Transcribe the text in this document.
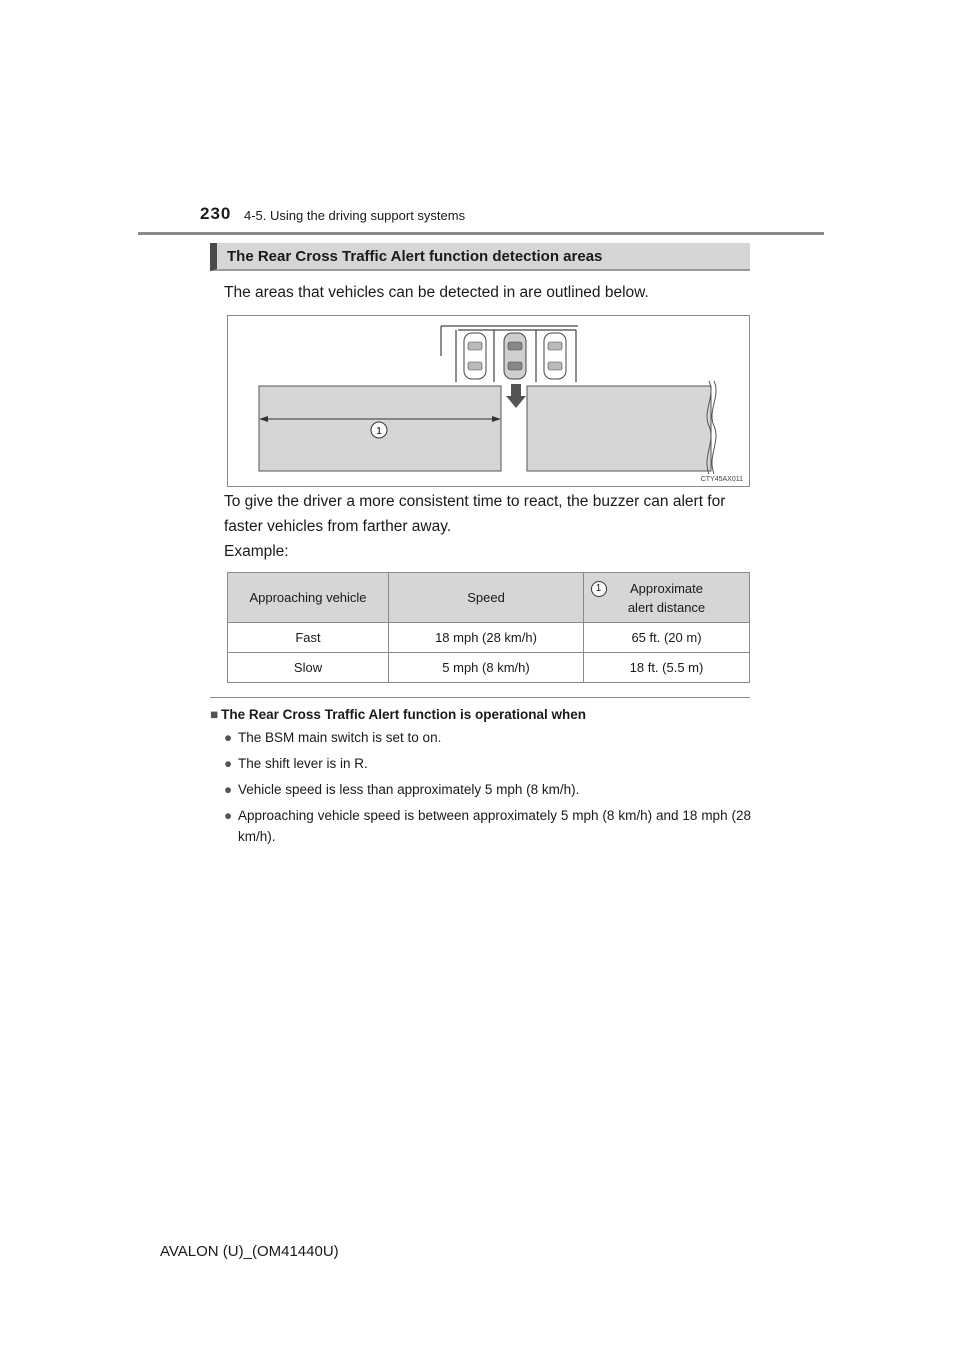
230 4-5. Using the driving support systems
The Rear Cross Traffic Alert function detection areas
The areas that vehicles can be detected in are outlined below.
1
CTY45AX011
To give the driver a more consistent time to react, the buzzer can alert for faster vehicles from farther away.
Example:
Approaching vehicle	Speed	1 Approximate alert distance
Fast	18 mph (28 km/h)	65 ft. (20 m)
Slow	5 mph (8 km/h)	18 ft. (5.5 m)
■ The Rear Cross Traffic Alert function is operational when
● The BSM main switch is set to on.
● The shift lever is in R.
● Vehicle speed is less than approximately 5 mph (8 km/h).
● Approaching vehicle speed is between approximately 5 mph (8 km/h) and 18 mph (28 km/h).
AVALON (U)_(OM41440U)
